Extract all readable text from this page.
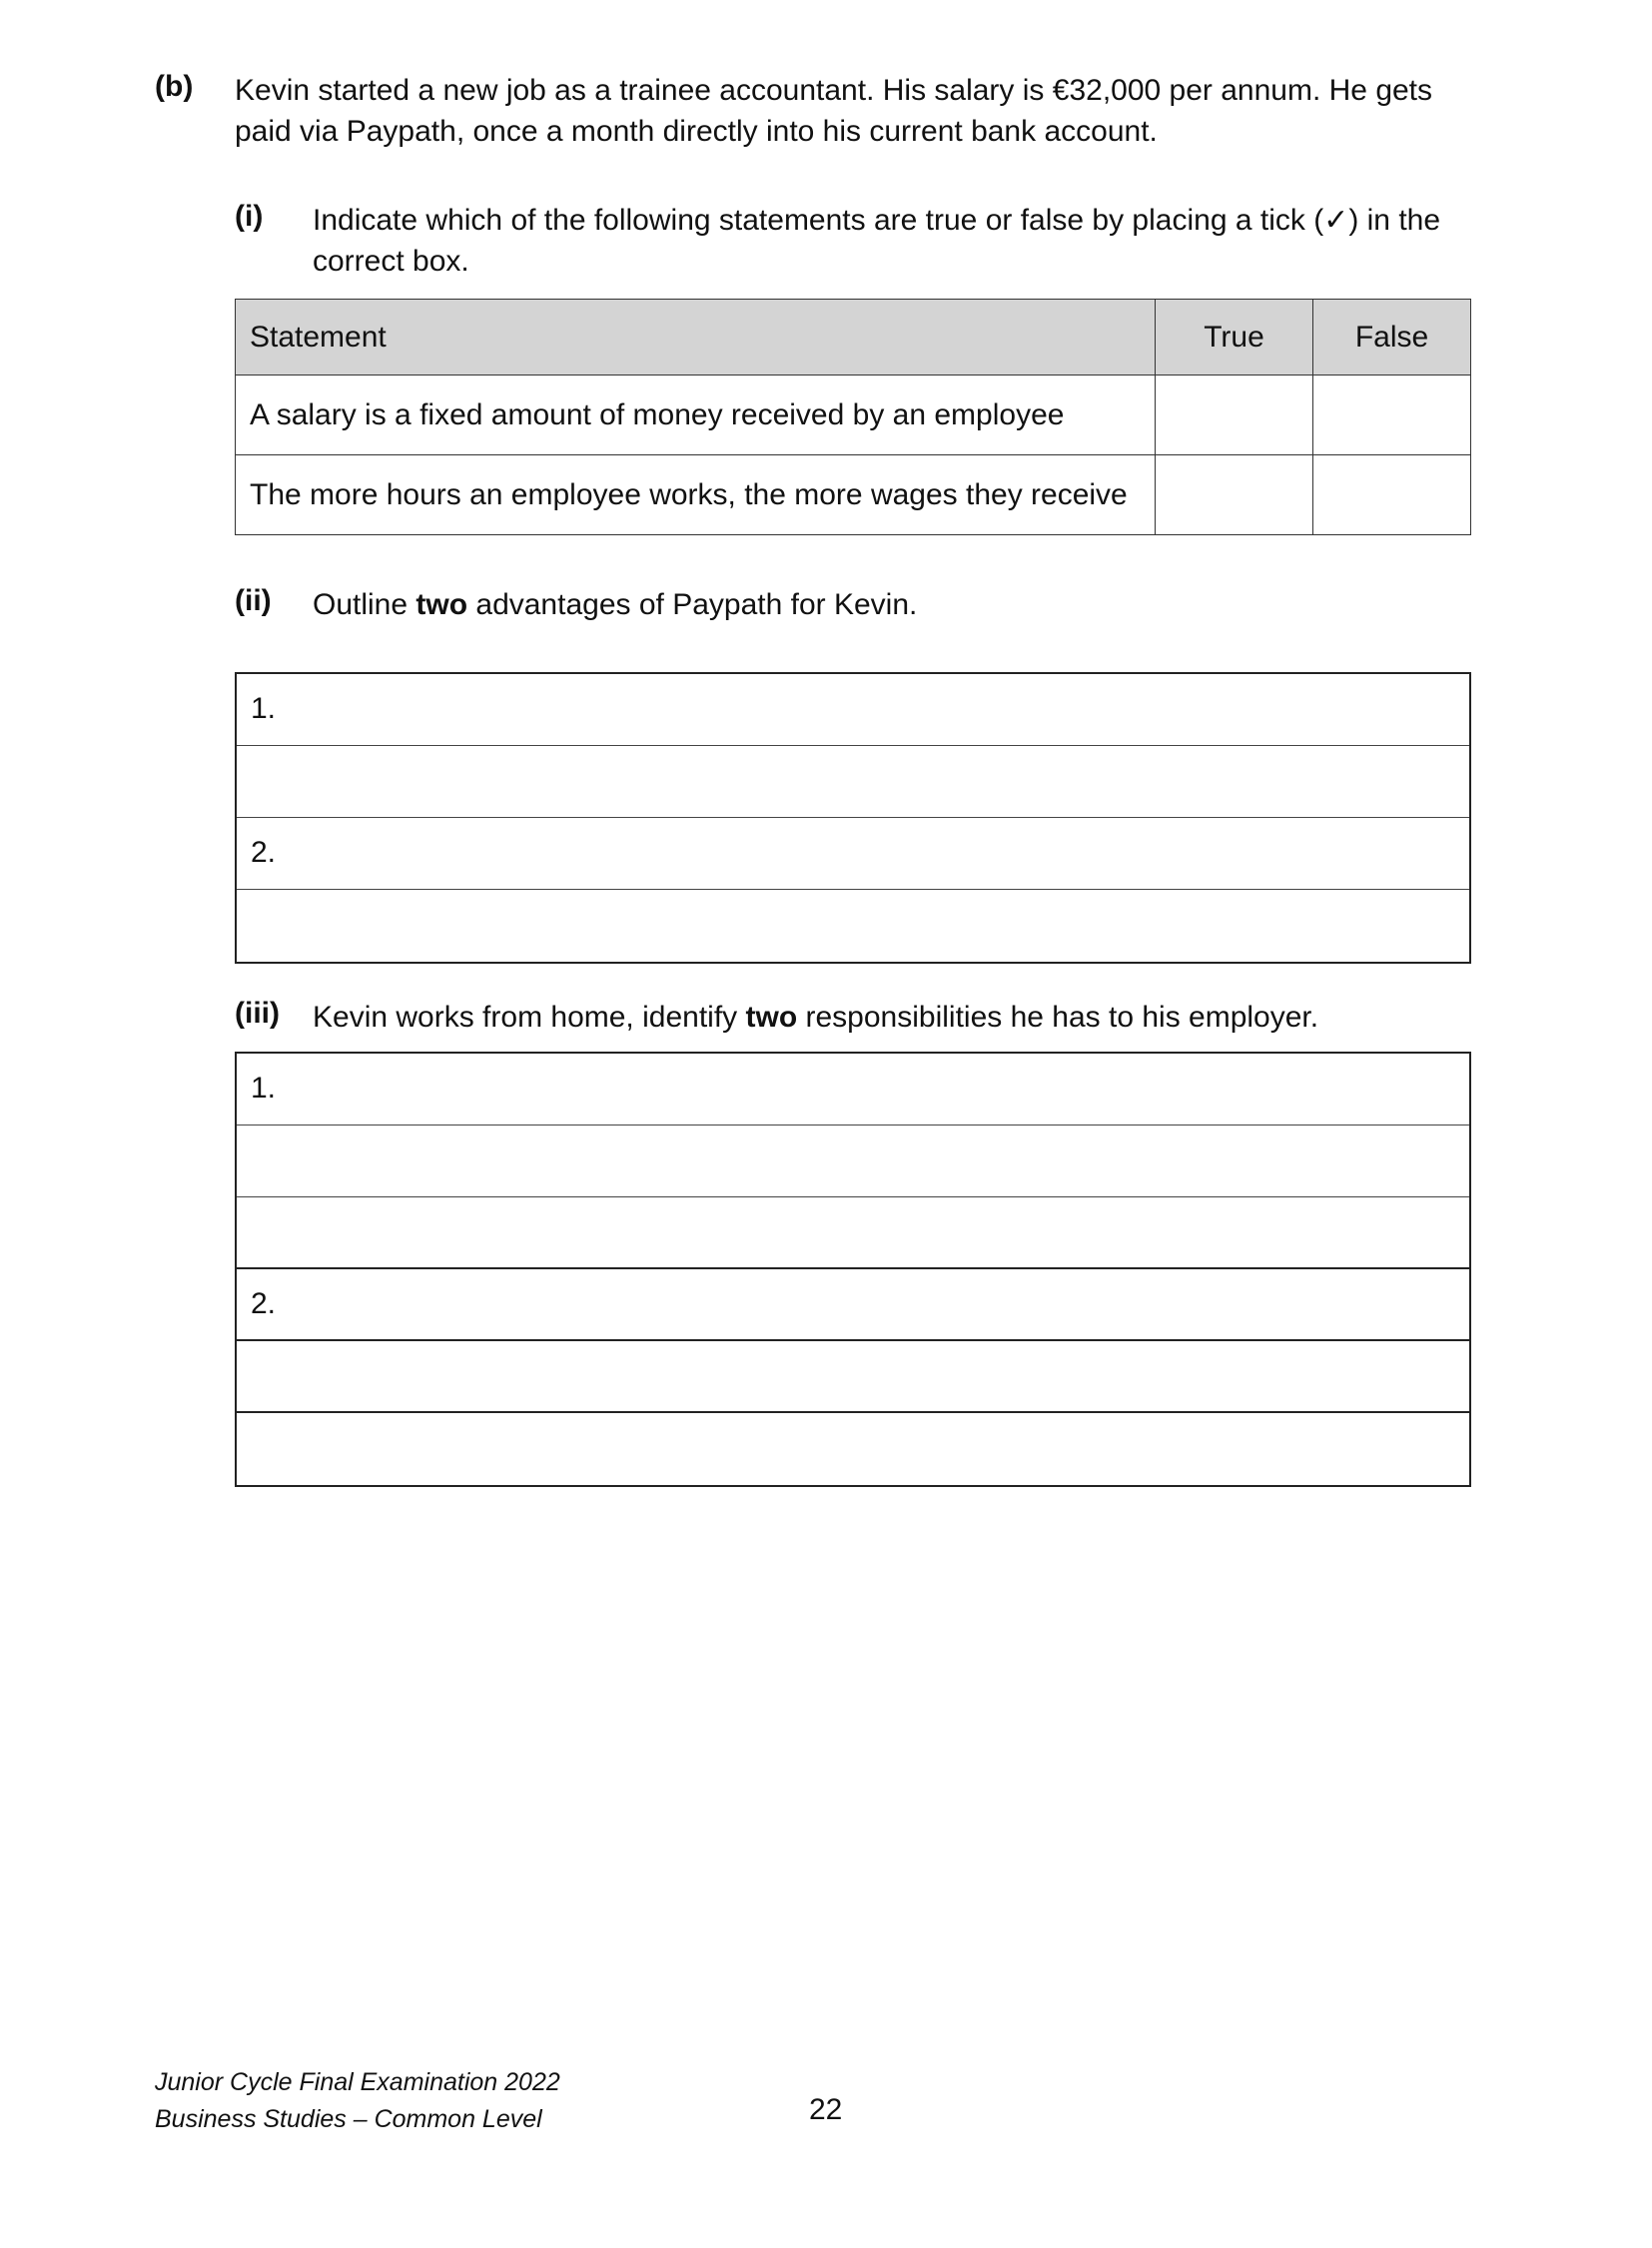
(b) Kevin started a new job as a trainee accountant. His salary is €32,000 per annum. He gets paid via Paypath, once a month directly into his current bank account.
(i) Indicate which of the following statements are true or false by placing a tick (✓) in the correct box.
Statement	True	False
A salary is a fixed amount of money received by an employee		
The more hours an employee works, the more wages they receive		
(ii) Outline two advantages of Paypath for Kevin.
1.
2.
(iii) Kevin works from home, identify two responsibilities he has to his employer.
1.
2.
Junior Cycle Final Examination 2022
Business Studies – Common Level	22
